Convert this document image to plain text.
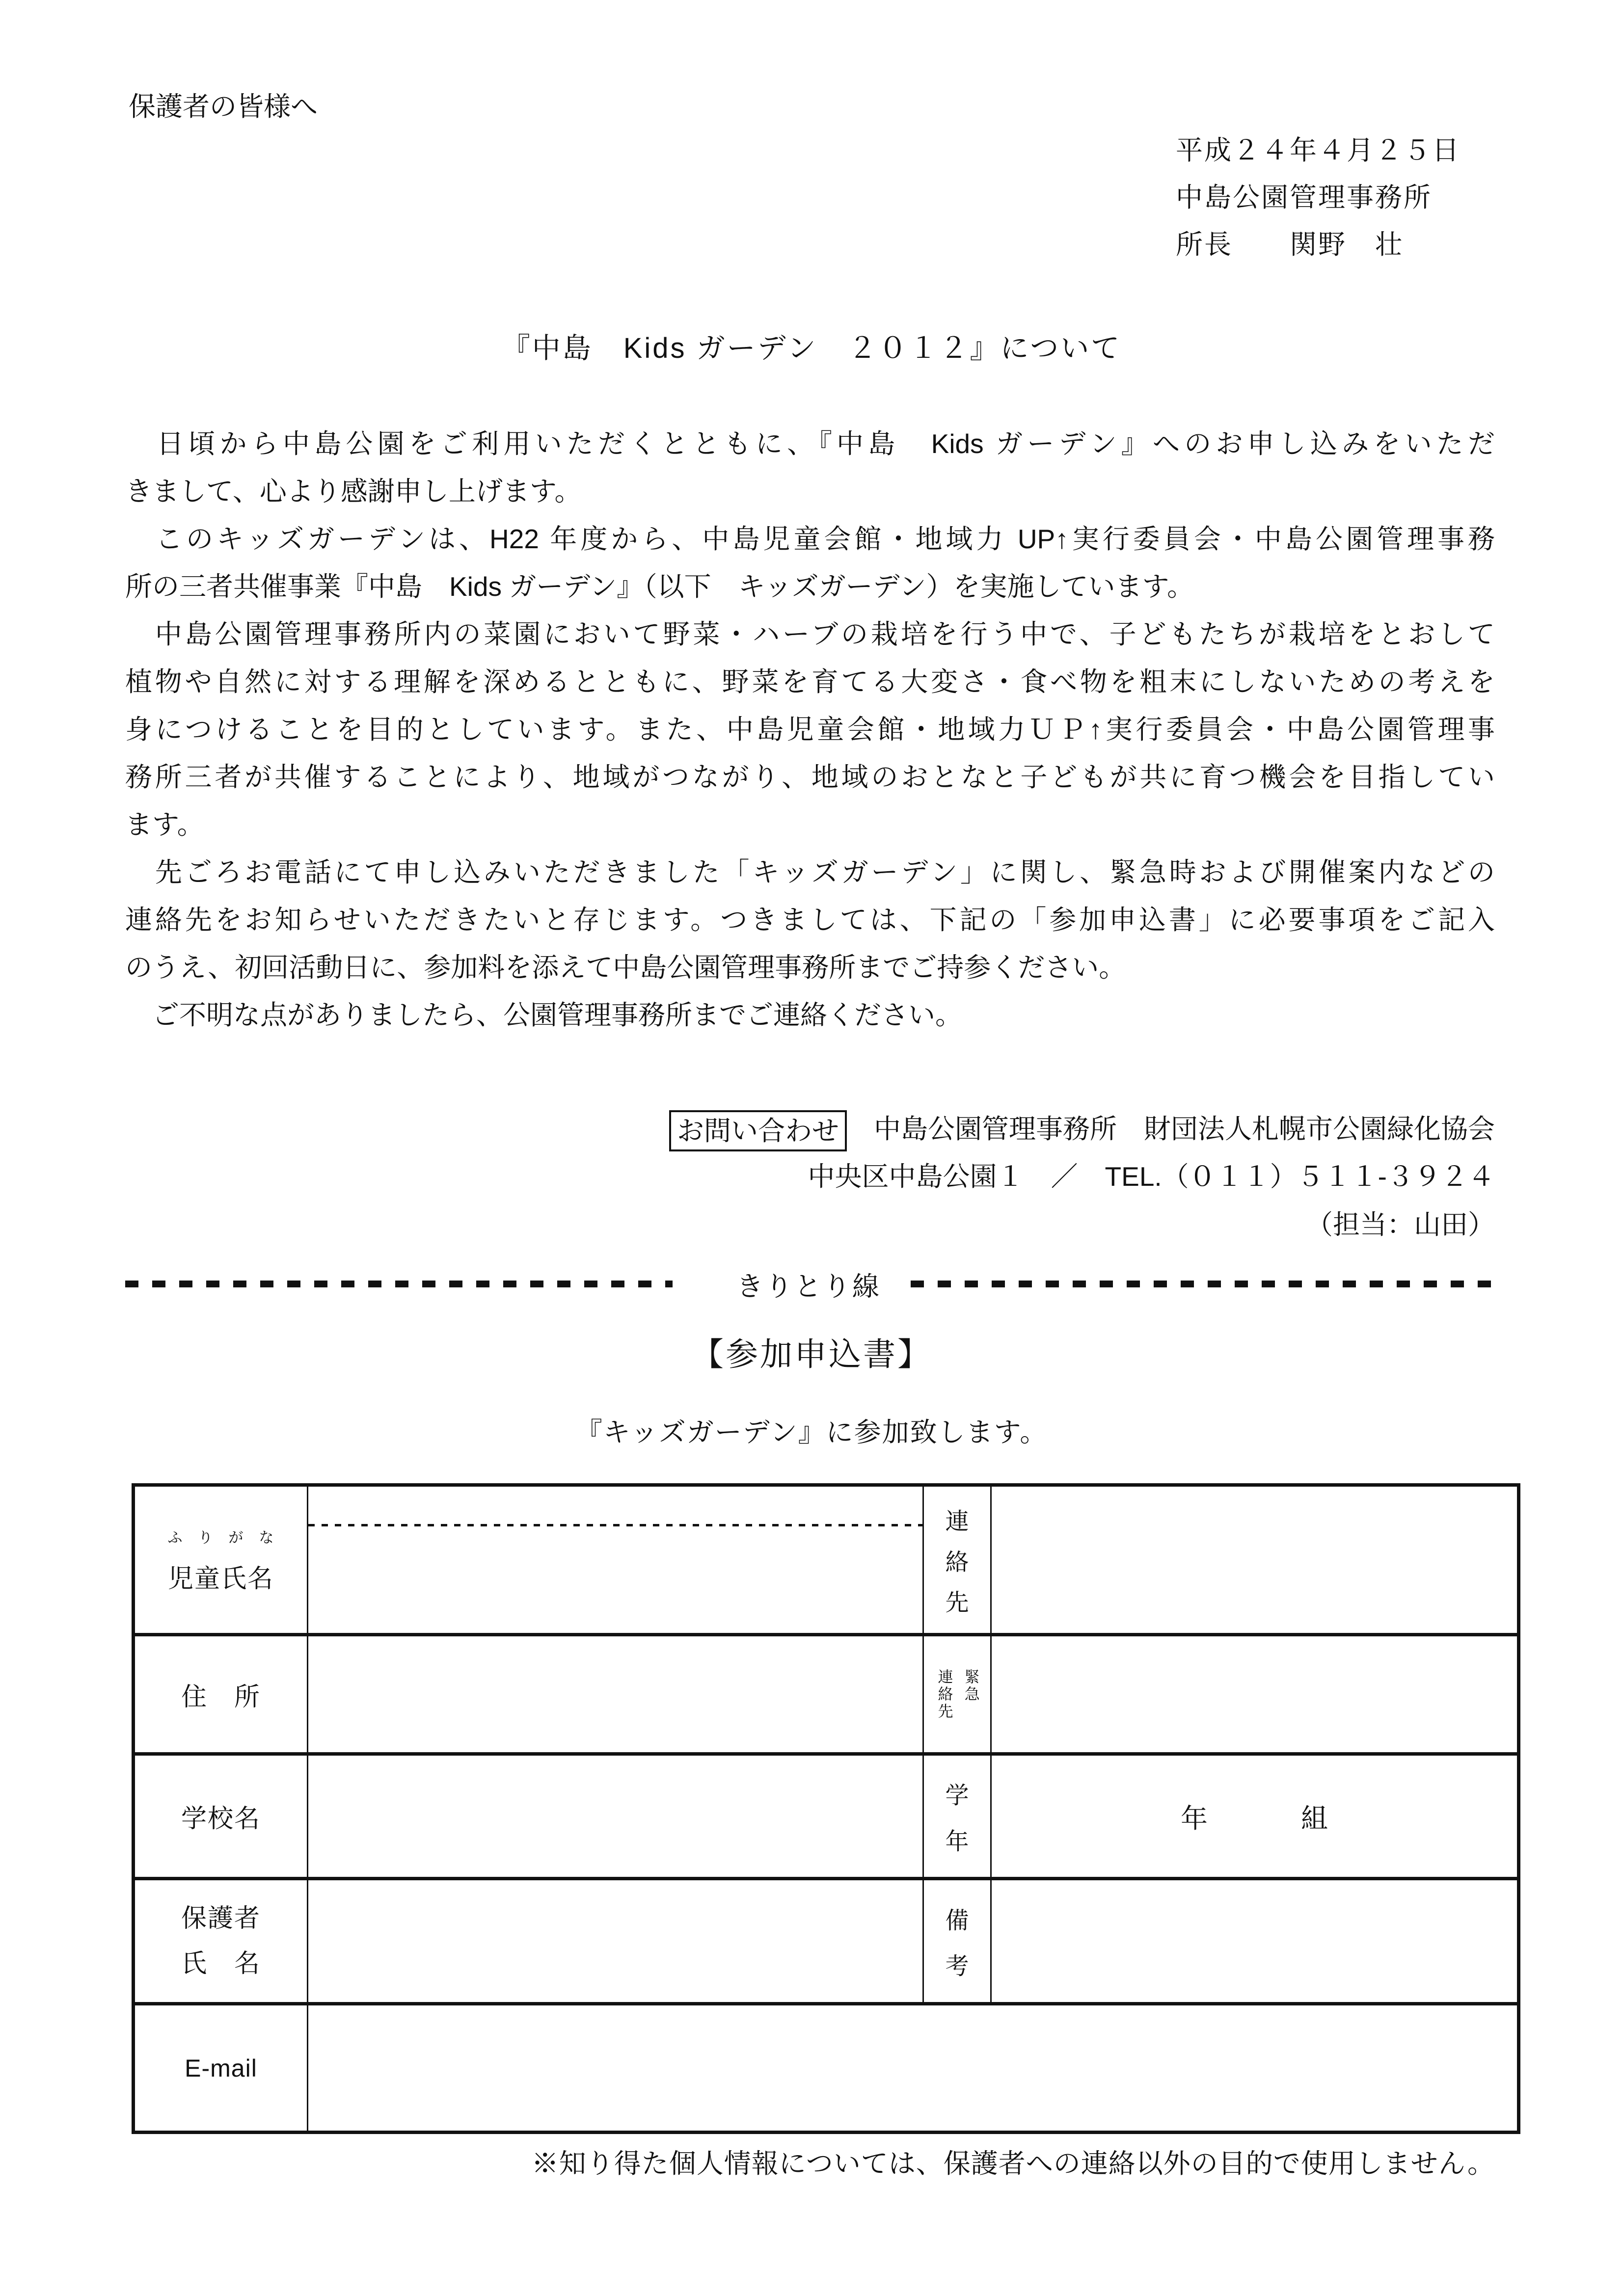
保護者の皆様へ
平成２４年４月２５日
中島公園管理事務所
所長　　関野　壮
『中島　Kids ガーデン　２０１２』について
　日頃から中島公園をご利用いただくとともに、『中島　Kids ガーデン』へのお申し込みをいただ
きまして、心より感謝申し上げます。
　このキッズガーデンは、H22 年度から、中島児童会館・地域力 UP↑実行委員会・中島公園管理事務
所の三者共催事業『中島　Kids ガーデン』（以下　キッズガーデン）を実施しています。
　中島公園管理事務所内の菜園において野菜・ハーブの栽培を行う中で、子どもたちが栽培をとおして
植物や自然に対する理解を深めるとともに、野菜を育てる大変さ・食べ物を粗末にしないための考えを
身につけることを目的としています。また、中島児童会館・地域力ＵＰ↑実行委員会・中島公園管理事
務所三者が共催することにより、地域がつながり、地域のおとなと子どもが共に育つ機会を目指してい
ます。
　先ごろお電話にて申し込みいただきました「キッズガーデン」に関し、緊急時および開催案内などの
連絡先をお知らせいただきたいと存じます。つきましては、下記の「参加申込書」に必要事項をご記入
のうえ、初回活動日に、参加料を添えて中島公園管理事務所までご持参ください。
　ご不明な点がありましたら、公園管理事務所までご連絡ください。
お問い合わせ　中島公園管理事務所　財団法人札幌市公園緑化協会
中央区中島公園１　／　TEL.（０１１）５１１-３９２４
（担当：山田）
きりとり線
【参加申込書】
『キッズガーデン』に参加致します。
ふ　り　が　な
児童氏名
連
絡
先
住　所	緊急
連絡先
学校名
学
年
年	組
保護者
氏　名
備
考
E-mail
※知り得た個人情報については、保護者への連絡以外の目的で使用しません。
